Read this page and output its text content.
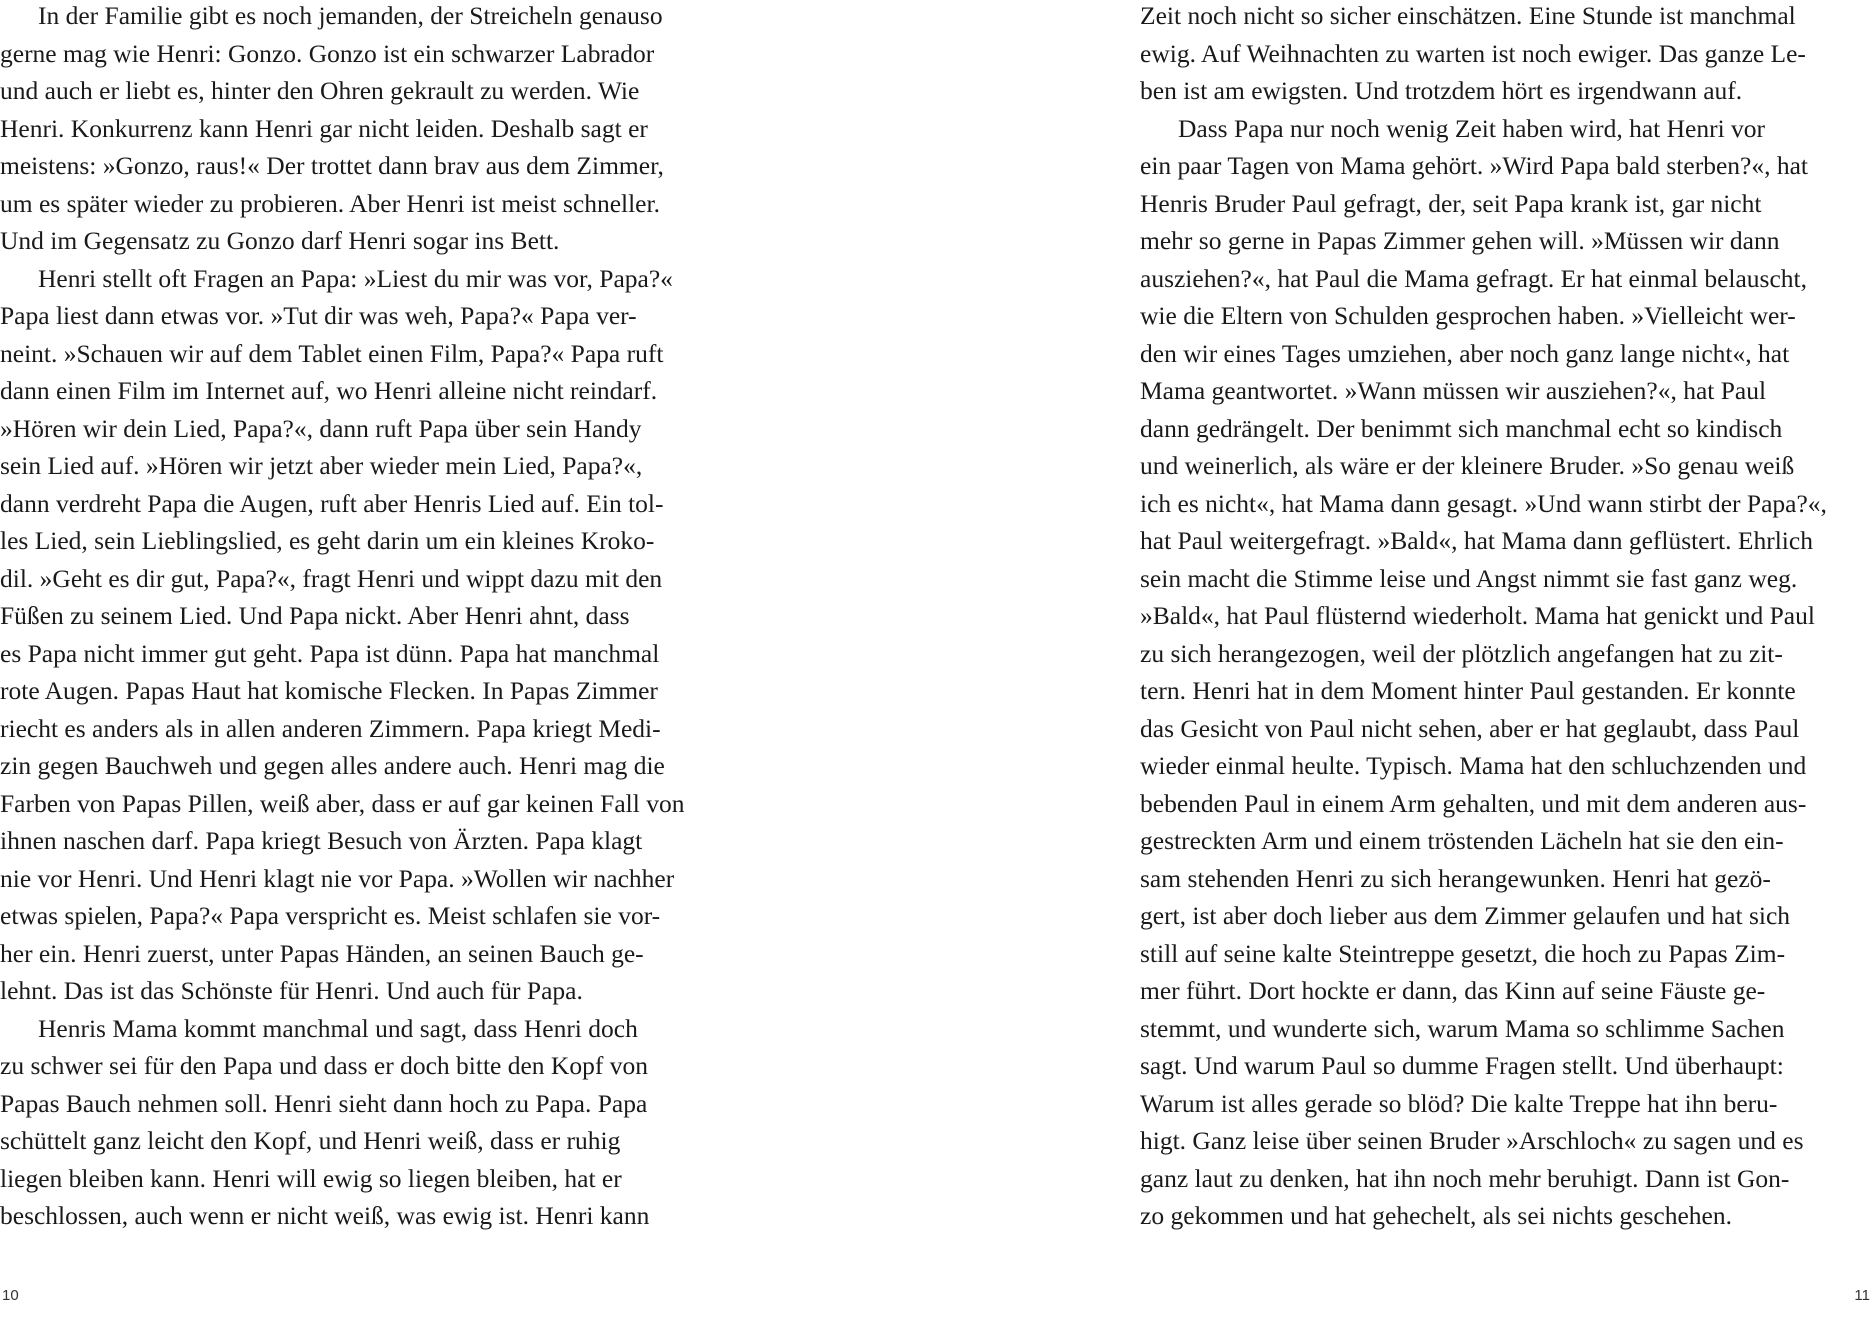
In der Familie gibt es noch jemanden, der Streicheln genauso
gerne mag wie Henri: Gonzo. Gonzo ist ein schwarzer Labrador
und auch er liebt es, hinter den Ohren gekrault zu werden. Wie
Henri. Konkurrenz kann Henri gar nicht leiden. Deshalb sagt er
meistens: »Gonzo, raus!« Der trottet dann brav aus dem Zimmer,
um es später wieder zu probieren. Aber Henri ist meist schneller.
Und im Gegensatz zu Gonzo darf Henri sogar ins Bett.
Henri stellt oft Fragen an Papa: »Liest du mir was vor, Papa?«
Papa liest dann etwas vor. »Tut dir was weh, Papa?« Papa ver-
neint. »Schauen wir auf dem Tablet einen Film, Papa?« Papa ruft
dann einen Film im Internet auf, wo Henri alleine nicht reindarf.
»Hören wir dein Lied, Papa?«, dann ruft Papa über sein Handy
sein Lied auf. »Hören wir jetzt aber wieder mein Lied, Papa?«,
dann verdreht Papa die Augen, ruft aber Henris Lied auf. Ein tol-
les Lied, sein Lieblingslied, es geht darin um ein kleines Kroko-
dil. »Geht es dir gut, Papa?«, fragt Henri und wippt dazu mit den
Füßen zu seinem Lied. Und Papa nickt. Aber Henri ahnt, dass
es Papa nicht immer gut geht. Papa ist dünn. Papa hat manchmal
rote Augen. Papas Haut hat komische Flecken. In Papas Zimmer
riecht es anders als in allen anderen Zimmern. Papa kriegt Medi-
zin gegen Bauchweh und gegen alles andere auch. Henri mag die
Farben von Papas Pillen, weiß aber, dass er auf gar keinen Fall von
ihnen naschen darf. Papa kriegt Besuch von Ärzten. Papa klagt
nie vor Henri. Und Henri klagt nie vor Papa. »Wollen wir nachher
etwas spielen, Papa?« Papa verspricht es. Meist schlafen sie vor-
her ein. Henri zuerst, unter Papas Händen, an seinen Bauch ge-
lehnt. Das ist das Schönste für Henri. Und auch für Papa.
Henris Mama kommt manchmal und sagt, dass Henri doch
zu schwer sei für den Papa und dass er doch bitte den Kopf von
Papas Bauch nehmen soll. Henri sieht dann hoch zu Papa. Papa
schüttelt ganz leicht den Kopf, und Henri weiß, dass er ruhig
liegen bleiben kann. Henri will ewig so liegen bleiben, hat er
beschlossen, auch wenn er nicht weiß, was ewig ist. Henri kann
10
Zeit noch nicht so sicher einschätzen. Eine Stunde ist manchmal
ewig. Auf Weihnachten zu warten ist noch ewiger. Das ganze Le-
ben ist am ewigsten. Und trotzdem hört es irgendwann auf.
Dass Papa nur noch wenig Zeit haben wird, hat Henri vor
ein paar Tagen von Mama gehört. »Wird Papa bald sterben?«, hat
Henris Bruder Paul gefragt, der, seit Papa krank ist, gar nicht
mehr so gerne in Papas Zimmer gehen will. »Müssen wir dann
ausziehen?«, hat Paul die Mama gefragt. Er hat einmal belauscht,
wie die Eltern von Schulden gesprochen haben. »Vielleicht wer-
den wir eines Tages umziehen, aber noch ganz lange nicht«, hat
Mama geantwortet. »Wann müssen wir ausziehen?«, hat Paul
dann gedrängelt. Der benimmt sich manchmal echt so kindisch
und weinerlich, als wäre er der kleinere Bruder. »So genau weiß
ich es nicht«, hat Mama dann gesagt. »Und wann stirbt der Papa?«,
hat Paul weitergefragt. »Bald«, hat Mama dann geflüstert. Ehrlich
sein macht die Stimme leise und Angst nimmt sie fast ganz weg.
»Bald«, hat Paul flüsternd wiederholt. Mama hat genickt und Paul
zu sich herangezogen, weil der plötzlich angefangen hat zu zit-
tern. Henri hat in dem Moment hinter Paul gestanden. Er konnte
das Gesicht von Paul nicht sehen, aber er hat geglaubt, dass Paul
wieder einmal heulte. Typisch. Mama hat den schluchzenden und
bebenden Paul in einem Arm gehalten, und mit dem anderen aus-
gestreckten Arm und einem tröstenden Lächeln hat sie den ein-
sam stehenden Henri zu sich herangewunken. Henri hat gezö-
gert, ist aber doch lieber aus dem Zimmer gelaufen und hat sich
still auf seine kalte Steintreppe gesetzt, die hoch zu Papas Zim-
mer führt. Dort hockte er dann, das Kinn auf seine Fäuste ge-
stemmt, und wunderte sich, warum Mama so schlimme Sachen
sagt. Und warum Paul so dumme Fragen stellt. Und überhaupt:
Warum ist alles gerade so blöd? Die kalte Treppe hat ihn beru-
higt. Ganz leise über seinen Bruder »Arschloch« zu sagen und es
ganz laut zu denken, hat ihn noch mehr beruhigt. Dann ist Gon-
zo gekommen und hat gehechelt, als sei nichts geschehen.
11
